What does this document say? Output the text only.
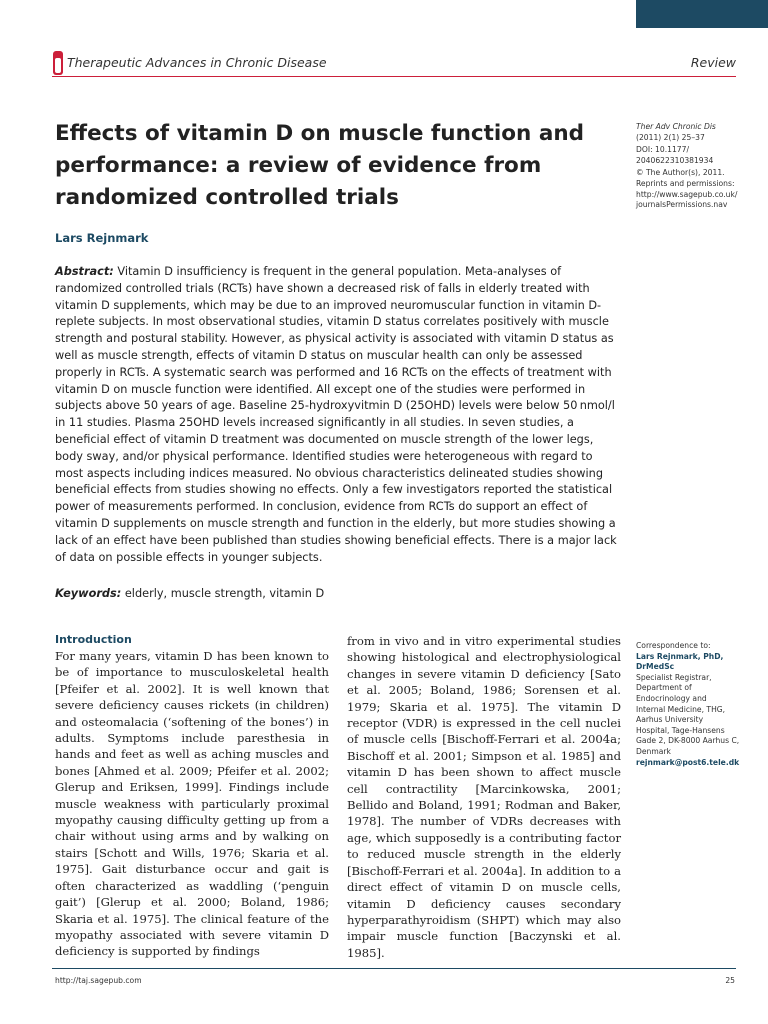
Therapeutic Advances in Chronic Disease	Review
Effects of vitamin D on muscle function and
performance: a review of evidence from
randomized controlled trials
Lars Rejnmark
Ther Adv Chronic Dis
(2011) 2(1) 25–37
DOI: 10.1177/
2040622310381934
© The Author(s), 2011.
Reprints and permissions:
http://www.sagepub.co.uk/
journalsPermissions.nav

Abstract: Vitamin D insufficiency is frequent in the general population. Meta-analyses of randomized controlled trials (RCTs) have shown a decreased risk of falls in elderly treated with vitamin D supplements, which may be due to an improved neuromuscular function in vitamin D-replete subjects. In most observational studies, vitamin D status correlates positively with muscle strength and postural stability. However, as physical activity is associated with vitamin D status as well as muscle strength, effects of vitamin D status on muscular health can only be assessed properly in RCTs. A systematic search was performed and 16 RCTs on the effects of treatment with vitamin D on muscle function were identified. All except one of the studies were performed in subjects above 50 years of age. Baseline 25-hydroxyvitmin D (25OHD) levels were below 50 nmol/l in 11 studies. Plasma 25OHD levels increased significantly in all studies. In seven studies, a beneficial effect of vitamin D treatment was documented on muscle strength of the lower legs, body sway, and/or physical performance. Identified studies were heterogeneous with regard to most aspects including indices measured. No obvious characteristics delineated studies showing beneficial effects from studies showing no effects. Only a few investigators reported the statistical power of measurements performed. In conclusion, evidence from RCTs do support an effect of vitamin D supplements on muscle strength and function in the elderly, but more studies showing a lack of an effect have been published than studies showing beneficial effects. There is a major lack of data on possible effects in younger subjects.

Keywords: elderly, muscle strength, vitamin D
Introduction

For many years, vitamin D has been known to be of importance to musculoskeletal health [Pfeifer et al. 2002]. It is well known that severe deficiency causes rickets (in children) and osteomalacia (‘softening of the bones’) in adults. Symptoms include paresthesia in hands and feet as well as aching muscles and bones [Ahmed et al. 2009; Pfeifer et al. 2002; Glerup and Eriksen, 1999]. Findings include muscle weakness with particularly proximal myopathy causing difficulty getting up from a chair without using arms and by walking on stairs [Schott and Wills, 1976; Skaria et al. 1975]. Gait disturbance occur and gait is often characterized as waddling (‘penguin gait’) [Glerup et al. 2000; Boland, 1986; Skaria et al. 1975]. The clinical feature of the myopathy associated with severe vitamin D deficiency is supported by findings

from in vivo and in vitro experimental studies showing histological and electrophysiological changes in severe vitamin D deficiency [Sato et al. 2005; Boland, 1986; Sorensen et al. 1979; Skaria et al. 1975]. The vitamin D receptor (VDR) is expressed in the cell nuclei of muscle cells [Bischoff-Ferrari et al. 2004a; Bischoff et al. 2001; Simpson et al. 1985] and vitamin D has been shown to affect muscle cell contractility [Marcinkowska, 2001; Bellido and Boland, 1991; Rodman and Baker, 1978]. The number of VDRs decreases with age, which supposedly is a contributing factor to reduced muscle strength in the elderly [Bischoff-Ferrari et al. 2004a]. In addition to a direct effect of vitamin D on muscle cells, vitamin D deficiency causes secondary hyperparathyroidism (SHPT) which may also impair muscle function [Baczynski et al. 1985].

Correspondence to:
Lars Rejnmark, PhD,
DrMedSc
Specialist Registrar,
Department of
Endocrinology and
Internal Medicine, THG,
Aarhus University
Hospital, Tage-Hansens
Gade 2, DK-8000 Aarhus C,
Denmark
rejnmark@post6.tele.dk
http://taj.sagepub.com	25
